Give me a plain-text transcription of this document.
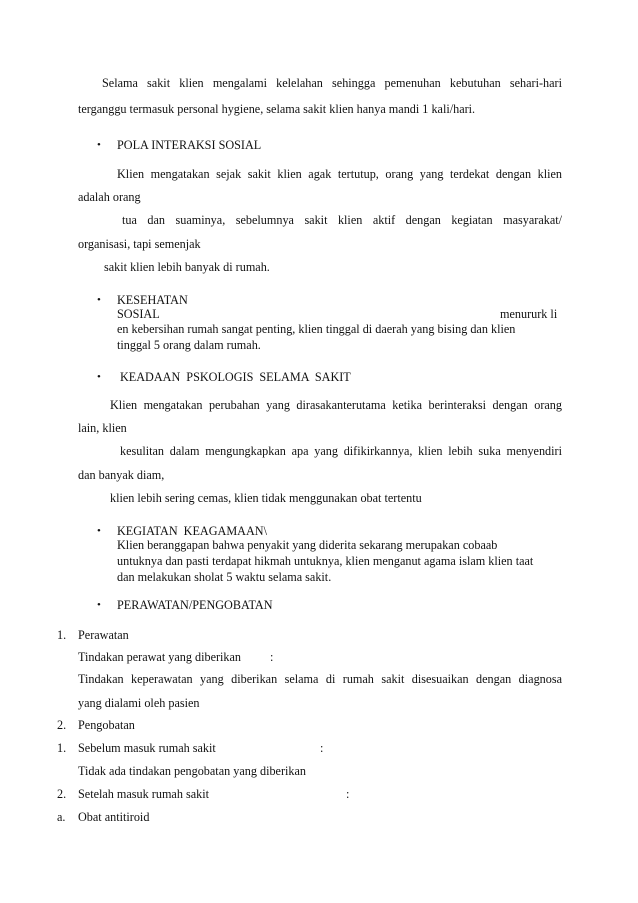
Selama sakit klien mengalami kelelahan sehingga pemenuhan kebutuhan sehari-hari
terganggu termasuk personal hygiene, selama sakit klien hanya mandi 1 kali/hari.
• POLA INTERAKSI SOSIAL
Klien mengatakan sejak sakit klien agak tertutup, orang yang terdekat dengan klien
adalah orang
tua dan suaminya, sebelumnya sakit klien aktif dengan kegiatan masyarakat/
organisasi, tapi semenjak
sakit klien lebih banyak di rumah.
• KESEHATAN
SOSIAL	menururk li
en kebersihan rumah sangat penting, klien tinggal di daerah yang bising dan klien
tinggal 5 orang dalam rumah.
• KEADAAN PSKOLOGIS SELAMA SAKIT
Klien mengatakan perubahan yang dirasakanterutama ketika berinteraksi dengan orang
lain, klien
kesulitan dalam mengungkapkan apa yang difikirkannya, klien lebih suka menyendiri
dan banyak diam,
klien lebih sering cemas, klien tidak menggunakan obat tertentu
• KEGIATAN KEAGAMAAN\
Klien beranggapan bahwa penyakit yang diderita sekarang merupakan cobaab
untuknya dan pasti terdapat hikmah untuknya, klien menganut agama islam klien taat
dan melakukan sholat 5 waktu selama sakit.
• PERAWATAN/PENGOBATAN
1. Perawatan
Tindakan perawat yang diberikan :
Tindakan keperawatan yang diberikan selama di rumah sakit disesuaikan dengan diagnosa
yang dialami oleh pasien
2. Pengobatan
1. Sebelum masuk rumah sakit	:
Tidak ada tindakan pengobatan yang diberikan
2. Setelah masuk rumah sakit	:
a. Obat antitiroid
